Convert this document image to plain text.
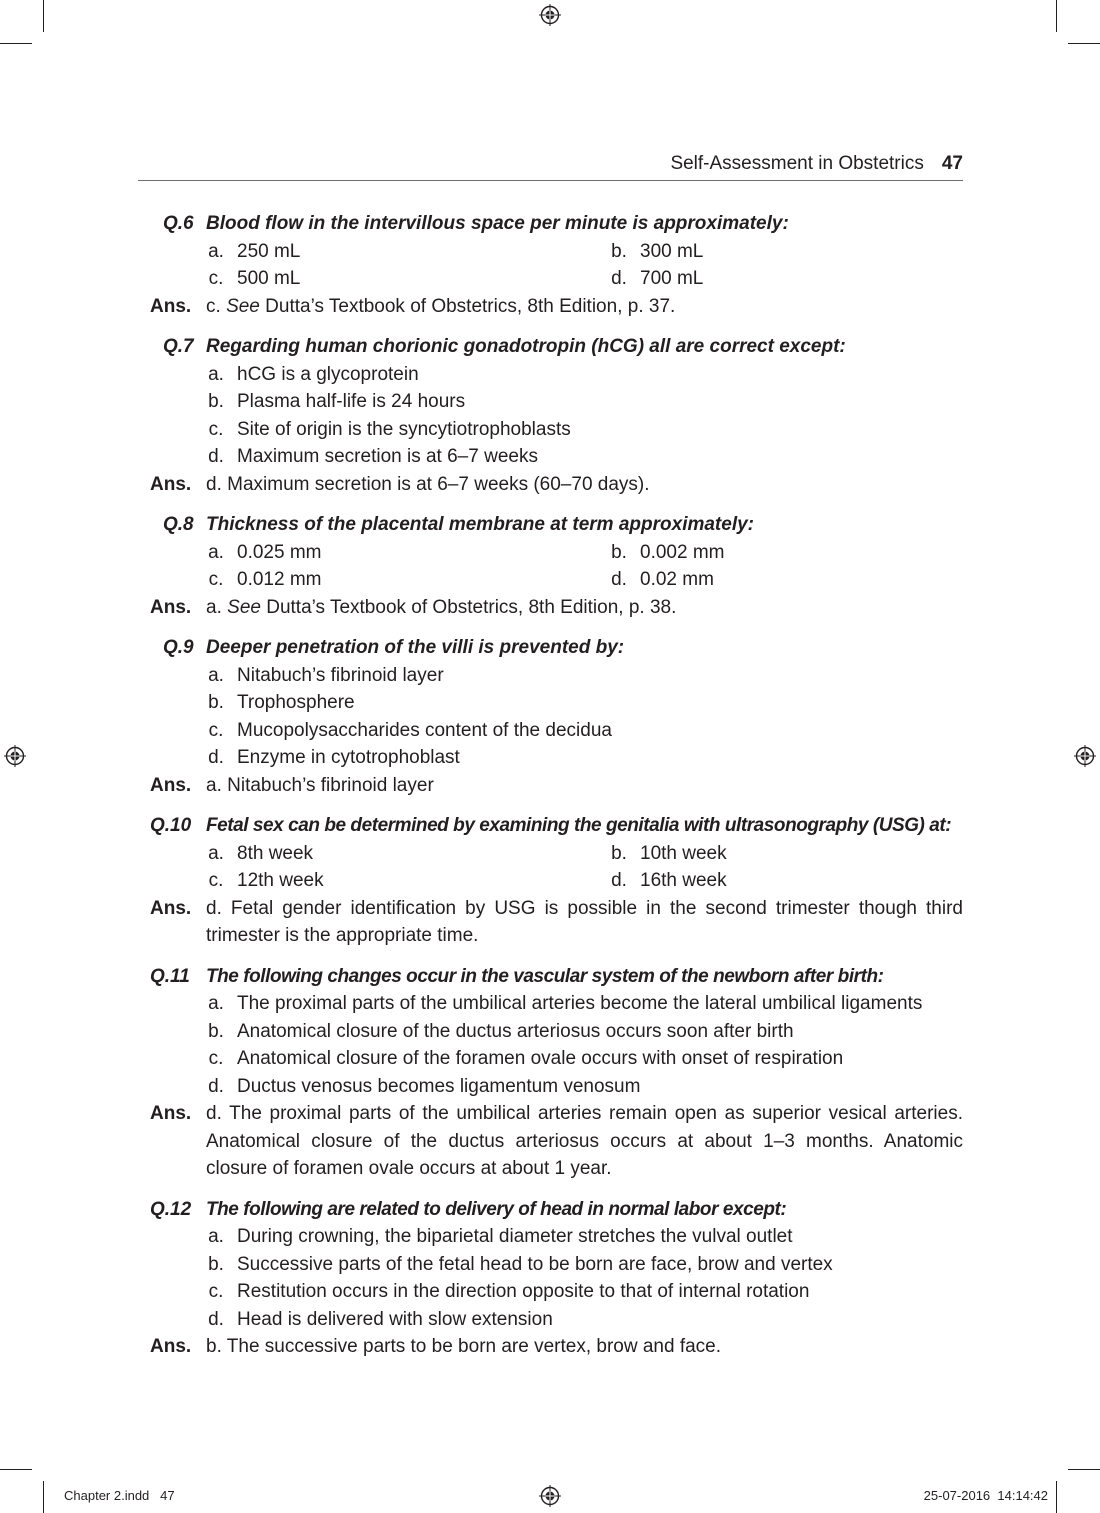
Self-Assessment in Obstetrics 47
Q.6 Blood flow in the intervillous space per minute is approximately:
a. 250 mL	b. 300 mL
c. 500 mL	d. 700 mL
Ans. c. See Dutta’s Textbook of Obstetrics, 8th Edition, p. 37.
Q.7 Regarding human chorionic gonadotropin (hCG) all are correct except:
a. hCG is a glycoprotein
b. Plasma half-life is 24 hours
c. Site of origin is the syncytiotrophoblasts
d. Maximum secretion is at 6–7 weeks
Ans. d. Maximum secretion is at 6–7 weeks (60–70 days).
Q.8 Thickness of the placental membrane at term approximately:
a. 0.025 mm	b. 0.002 mm
c. 0.012 mm	d. 0.02 mm
Ans. a. See Dutta’s Textbook of Obstetrics, 8th Edition, p. 38.
Q.9 Deeper penetration of the villi is prevented by:
a. Nitabuch’s fibrinoid layer
b. Trophosphere
c. Mucopolysaccharides content of the decidua
d. Enzyme in cytotrophoblast
Ans. a. Nitabuch’s fibrinoid layer
Q.10 Fetal sex can be determined by examining the genitalia with ultrasonography (USG) at:
a. 8th week	b. 10th week
c. 12th week	d. 16th week
Ans. d. Fetal gender identification by USG is possible in the second trimester though third trimester is the appropriate time.
Q.11 The following changes occur in the vascular system of the newborn after birth:
a. The proximal parts of the umbilical arteries become the lateral umbilical ligaments
b. Anatomical closure of the ductus arteriosus occurs soon after birth
c. Anatomical closure of the foramen ovale occurs with onset of respiration
d. Ductus venosus becomes ligamentum venosum
Ans. d. The proximal parts of the umbilical arteries remain open as superior vesical arteries. Anatomical closure of the ductus arteriosus occurs at about 1–3 months. Anatomic closure of foramen ovale occurs at about 1 year.
Q.12 The following are related to delivery of head in normal labor except:
a. During crowning, the biparietal diameter stretches the vulval outlet
b. Successive parts of the fetal head to be born are face, brow and vertex
c. Restitution occurs in the direction opposite to that of internal rotation
d. Head is delivered with slow extension
Ans. b. The successive parts to be born are vertex, brow and face.
Chapter 2.indd   47	25-07-2016 14:14:42
